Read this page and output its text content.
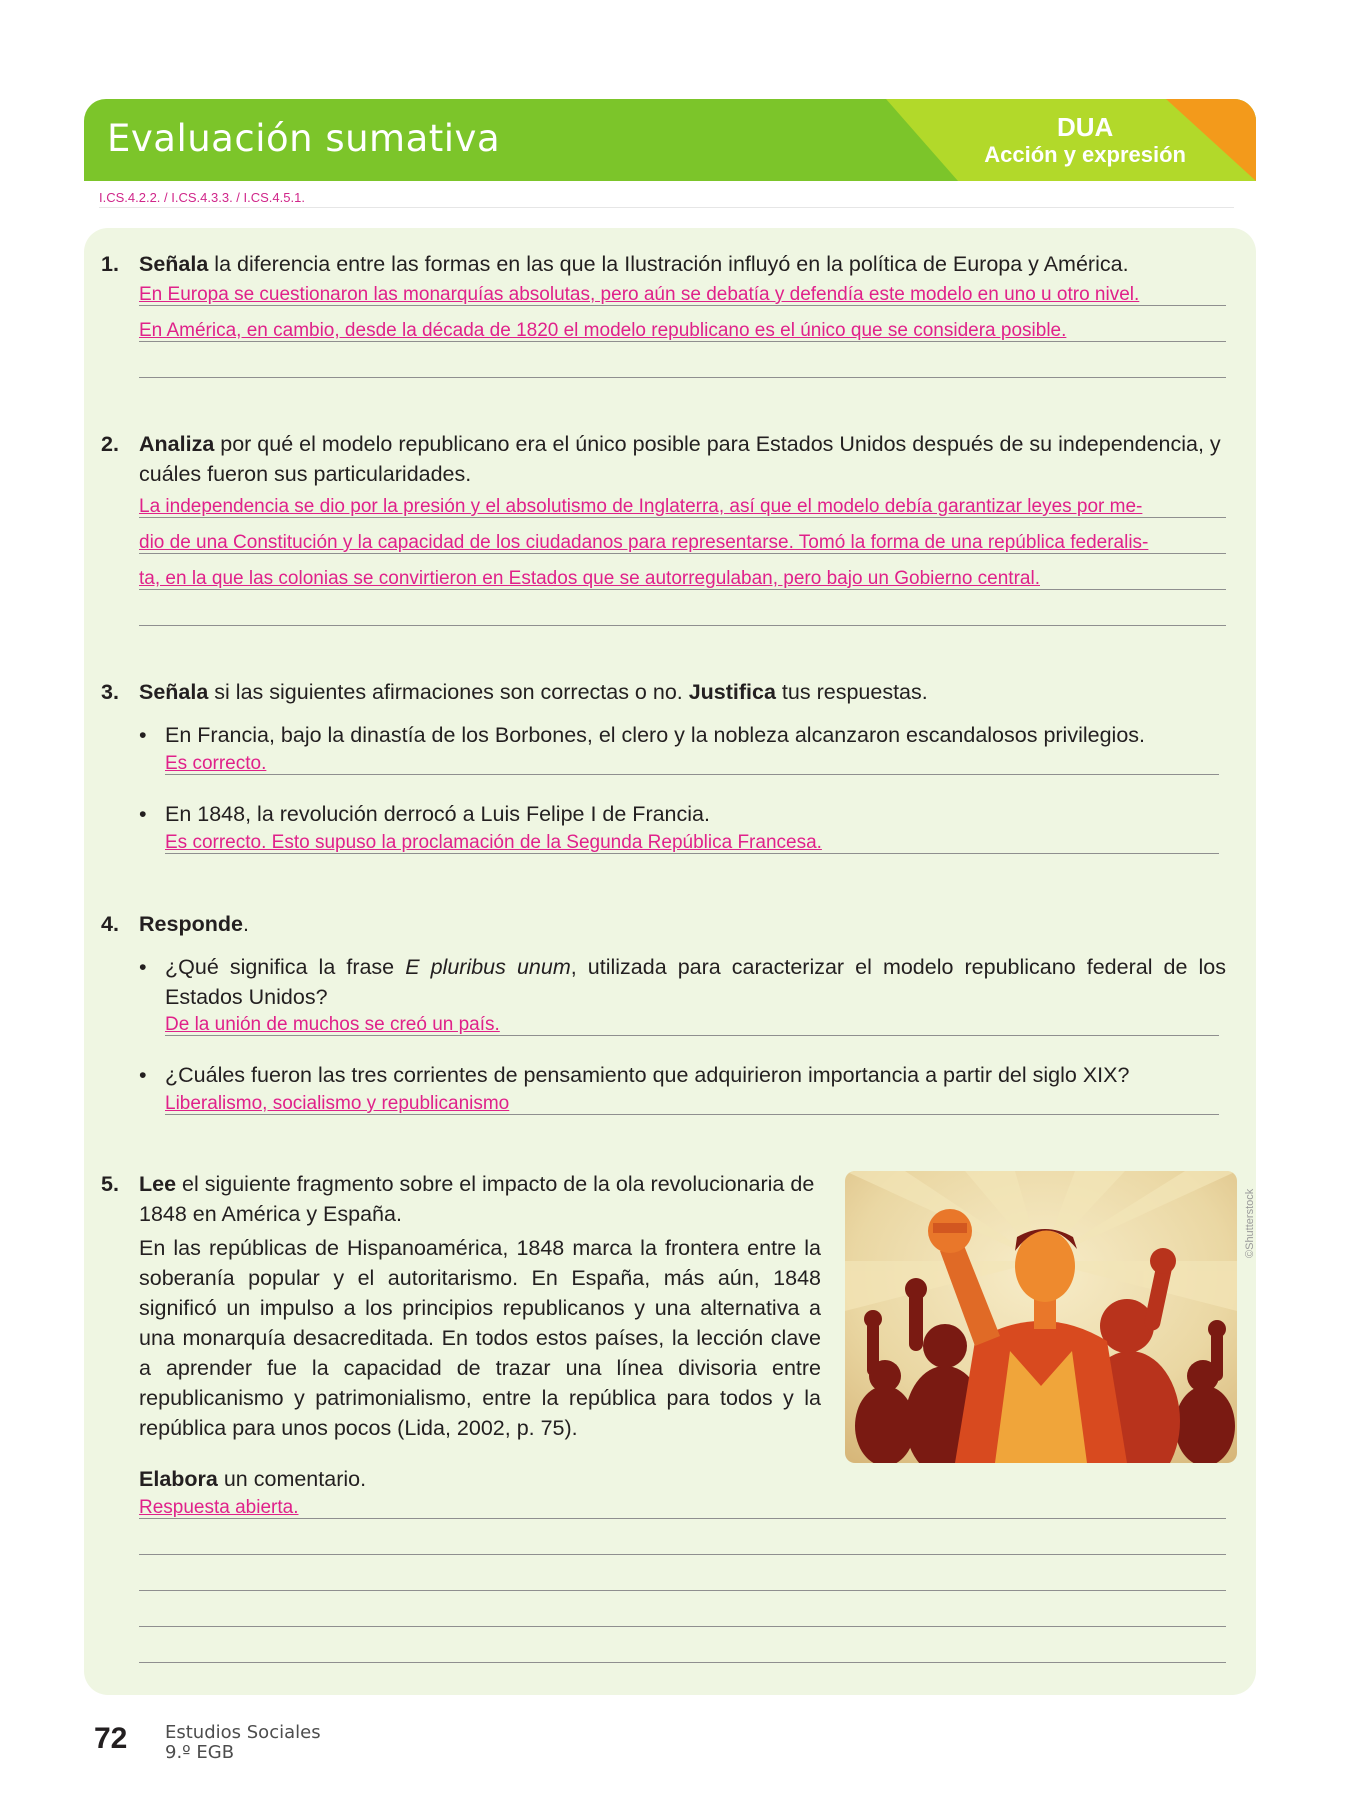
Evaluación sumativa	DUA
Acción y expresión
I.CS.4.2.2. / I.CS.4.3.3. / I.CS.4.5.1.
1. Señala la diferencia entre las formas en las que la Ilustración influyó en la política de Europa y América.
En Europa se cuestionaron las monarquías absolutas, pero aún se debatía y defendía este modelo en uno u otro nivel.
En América, en cambio, desde la década de 1820 el modelo republicano es el único que se considera posible.
2. Analiza por qué el modelo republicano era el único posible para Estados Unidos después de su independencia, y cuáles fueron sus particularidades.
La independencia se dio por la presión y el absolutismo de Inglaterra, así que el modelo debía garantizar leyes por me-
dio de una Constitución y la capacidad de los ciudadanos para representarse. Tomó la forma de una república federalis-
ta, en la que las colonias se convirtieron en Estados que se autorregulaban, pero bajo un Gobierno central.
3. Señala si las siguientes afirmaciones son correctas o no. Justifica tus respuestas.
• En Francia, bajo la dinastía de los Borbones, el clero y la nobleza alcanzaron escandalosos privilegios.
Es correcto.
• En 1848, la revolución derrocó a Luis Felipe I de Francia.
Es correcto. Esto supuso la proclamación de la Segunda República Francesa.
4. Responde.
• ¿Qué significa la frase E pluribus unum, utilizada para caracterizar el modelo republicano federal de los Estados Unidos?
De la unión de muchos se creó un país.
• ¿Cuáles fueron las tres corrientes de pensamiento que adquirieron importancia a partir del siglo XIX?
Liberalismo, socialismo y republicanismo
5. Lee el siguiente fragmento sobre el impacto de la ola revolucionaria de 1848 en América y España.
En las repúblicas de Hispanoamérica, 1848 marca la frontera entre la soberanía popular y el autoritarismo. En España, más aún, 1848 significó un impulso a los principios republicanos y una alternativa a una monarquía desacreditada. En todos estos países, la lección clave a aprender fue la capacidad de trazar una línea divisoria entre republicanismo y patrimonialismo, entre la república para todos y la república para unos pocos (Lida, 2002, p. 75).
Elabora un comentario.
Respuesta abierta.
©Shutterstock
72 Estudios Sociales
9.º EGB
